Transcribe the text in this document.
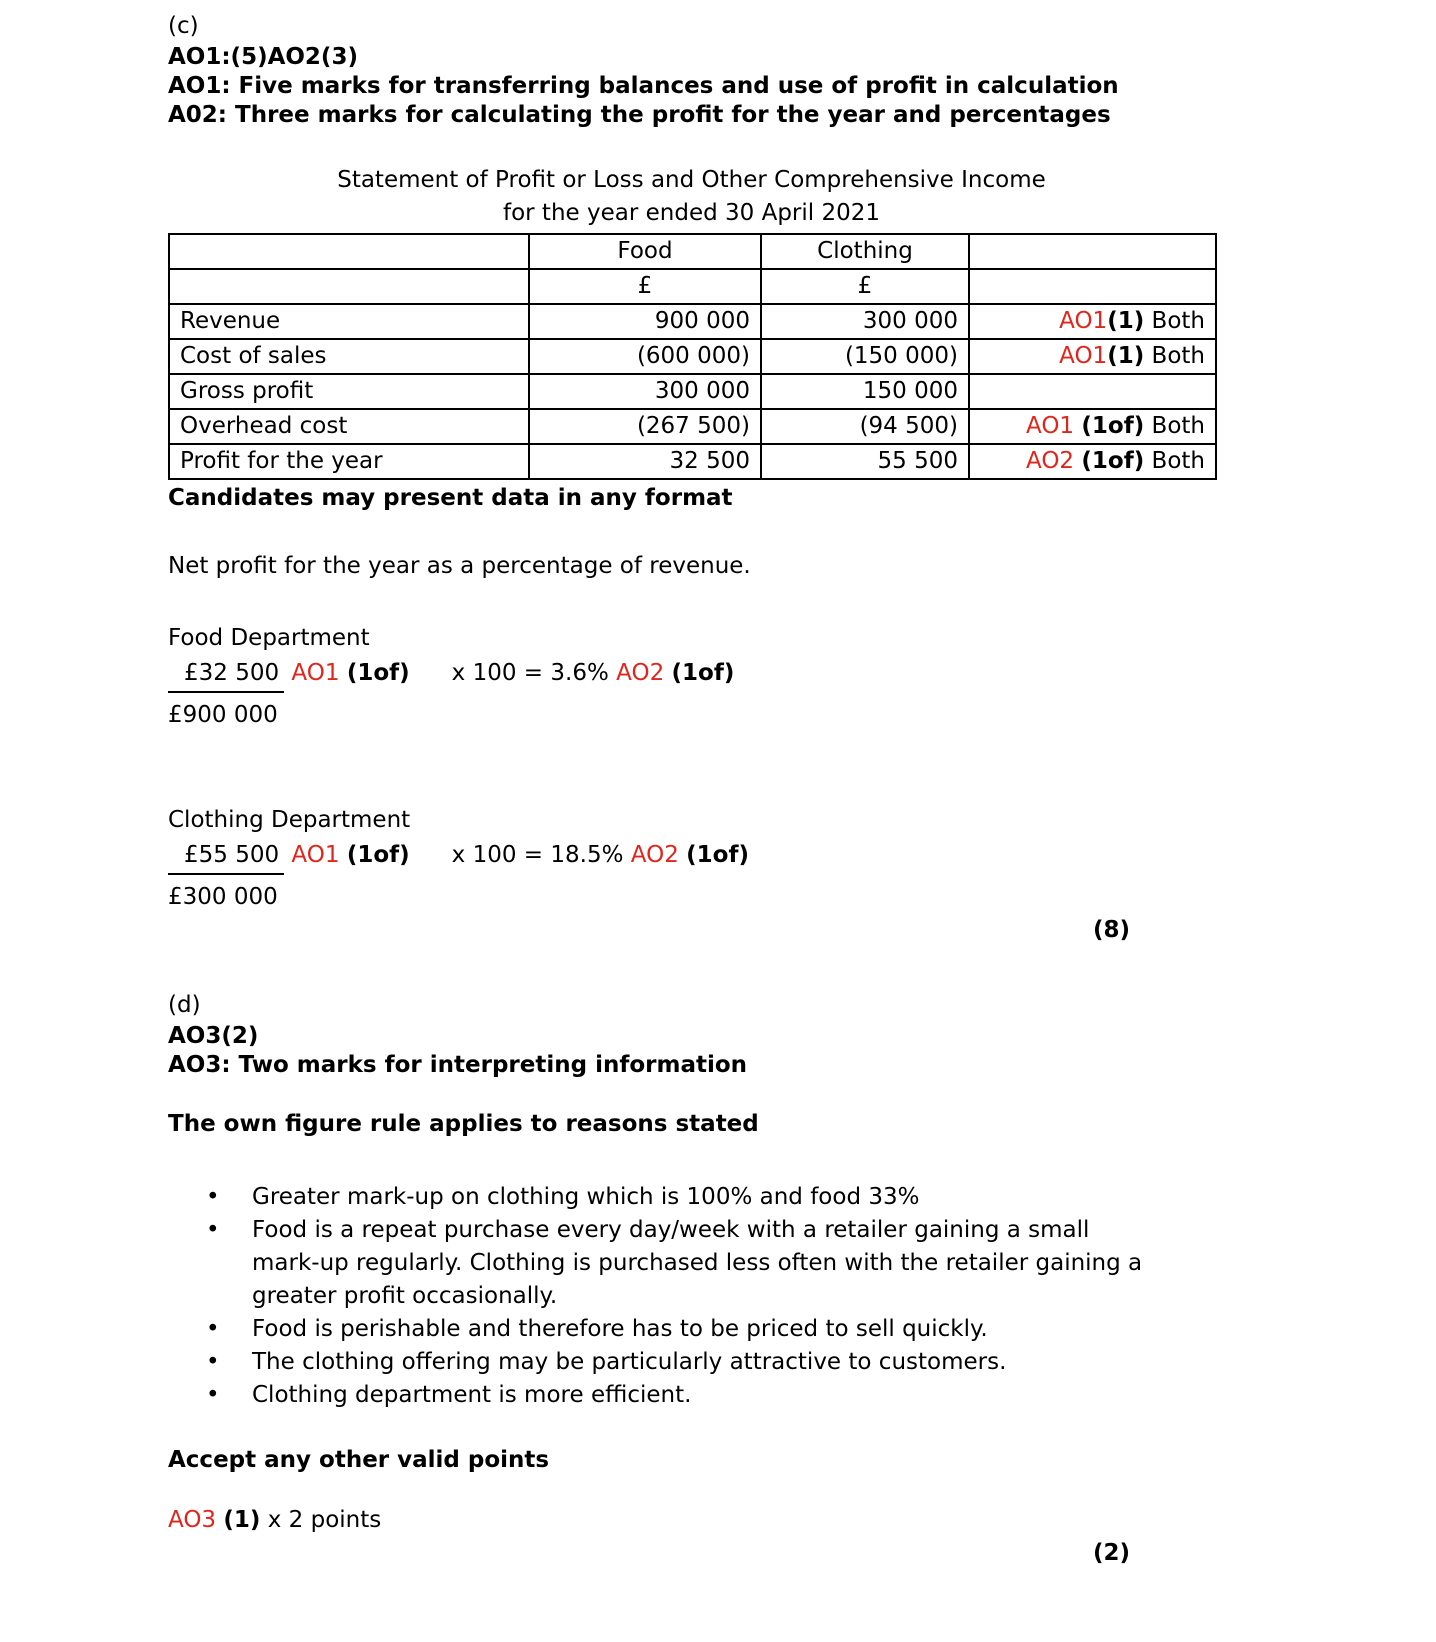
(c)
AO1:(5)AO2(3)
AO1: Five marks for transferring balances and use of profit in calculation
A02: Three marks for calculating the profit for the year and percentages
Statement of Profit or Loss and Other Comprehensive Income
for the year ended 30 April 2021
	Food	Clothing	
	£	£	
Revenue	900 000	300 000	AO1(1) Both
Cost of sales	(600 000)	(150 000)	AO1(1) Both
Gross profit	300 000	150 000	
Overhead cost	(267 500)	(94 500)	AO1 (1of) Both
Profit for the year	32 500	55 500	AO2 (1of) Both
Candidates may present data in any format
Net profit for the year as a percentage of revenue.
Food Department
£32 500 AO1 (1of) x 100 = 3.6% AO2 (1of)
£900 000
Clothing Department
£55 500 AO1 (1of) x 100 = 18.5% AO2 (1of)
£300 000
(8)
(d)
AO3(2)
AO3: Two marks for interpreting information
The own figure rule applies to reasons stated
• Greater mark-up on clothing which is 100% and food 33%
• Food is a repeat purchase every day/week with a retailer gaining a small mark-up regularly. Clothing is purchased less often with the retailer gaining a greater profit occasionally.
• Food is perishable and therefore has to be priced to sell quickly.
• The clothing offering may be particularly attractive to customers.
• Clothing department is more efficient.
Accept any other valid points
AO3 (1) x 2 points
(2)
